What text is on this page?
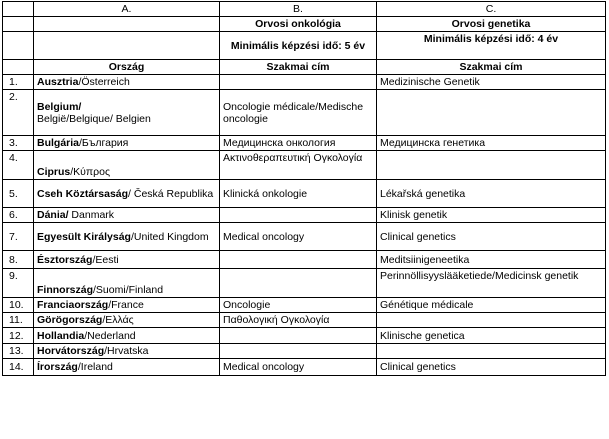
	A.	B.	C.
		Orvosi onkológia	Orvosi genetika
		Minimális képzési idő: 5 év	Minimális képzési idő: 4 év
	Ország	Szakmai cím	Szakmai cím
1.	Ausztria/Österreich		Medizinische Genetik
2.	Belgium/
België/Belgique/ Belgien	Oncologie médicale/Medische oncologie	
3.	Bulgária/България	Медицинска онкология	Медицинска генетика
4.	Ciprus/Κύπρος	Ακτινοθεραπευτική Ογκολογία	
5.	Cseh Köztársaság/ Česká Republika	Klinická onkologie	Lékařská genetika
6.	Dánia/ Danmark		Klinisk genetik
7.	Egyesült Királyság/United Kingdom	Medical oncology	Clinical genetics
8.	Észtország/Eesti		Meditsiinigeneetika
9.	Finnország/Suomi/Finland		Perinnöllisyyslääketiede/Medicinsk genetik
10.	Franciaország/France	Oncologie	Génétique médicale
11.	Görögország/Ελλάς	Παθολογική Ογκολογία	
12.	Hollandia/Nederland		Klinische genetica
13.	Horvátország/Hrvatska		
14.	Írország/Ireland	Medical oncology	Clinical genetics
